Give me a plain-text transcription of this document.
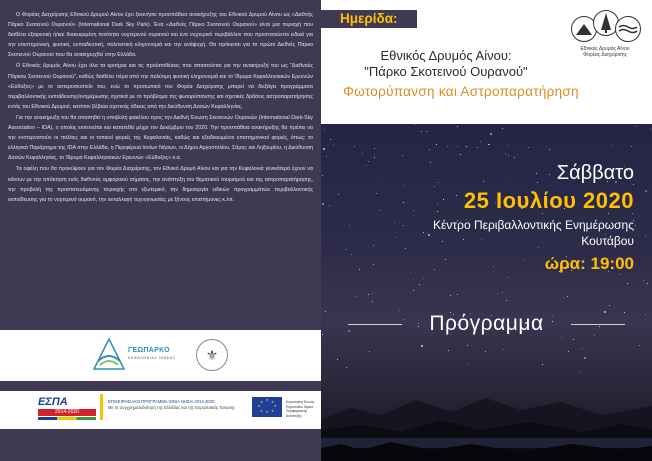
Ο Φορέας Διαχείρισης Εθνικού Δρυμού Αίνου έχει ξεκινήσει προσπάθεια ανακήρυξης του Εθνικού Δρυμού Αίνου ως «Διεθνής Πάρκο Σκοτεινού Ουρανού» (International Dark Sky Park). Ένα «Διεθνές Πάρκο Σκοτεινού Ουρανού» είναι μια περιοχή που διαθέτει εξαιρετική ή/και διακεκριμένη ποιότητα νυχτερινού ουρανού και ένα νυχτερινό περιβάλλον που προστατεύεται ειδικά για την επιστημονική, φυσική, εκπαιδευτική, πολιτιστική κληρονομιά και την ανάψυχή. Θα πρόκειται για το πρώτο Διεθνές Πάρκο Σκοτεινού Ουρανού που θα ανακηρυχθεί στην Ελλάδα.

Ο Εθνικός Δρυμός Αίνου έχει όλα τα κριτήρια και τις προϋποθέσεις που απαιτούνται για την ανακήρυξή του ως "Διεθνούς Πάρκου Σκοτεινού Ουρανού", καθώς διαθέτει πέρα από την πολύτιμη φυσική κληρονομιά και το Ίδρυμα Κεφαλληνιακών Ερευνών «Εύδοξος» με το αστεροσκοπείο του, ενώ το προσωπικό του Φορέα Διαχείρισης μπορεί να διεξάγει προγράμματα περιβαλλοντικής εκπαίδευσης/ενημέρωσης σχετικά με το πρόβλημα της φωτορύπανσης και σχετικές δράσεις αστροπαρατήρησης εντός του Εθνικού Δρυμού, κατόπιν βέβαια σχετικής άδειας από την Διεύθυνση Δασών Κεφαλληνίας.

Για την ανακήρυξη του θα απαιτηθεί η υποβολή φακέλου προς την Διεθνή Ένωση Σκοτεινών Ουρανών (International Dark-Sky Association – IDA), ο οποίος εκπονείται και κατατεθεί μέχρι τον Δεκέμβριο του 2020. Την προσπάθεια ανακήρυξης θα πρέπει να την ενστερνιστούν οι πολίτες και οι τοπικοί φορείς της Κεφαλονιάς, καθώς και εξειδικευμένοι επιστημονικοί φορείς, όπως: το ελληνικό Παράρτημα της IDA στην Ελλάδα, η Περιφέρεια Ιονίων Νήσων, οι Δήμοι Αργοστολίου, Σάμης και Ληξουρίου, η Διεύθυνση Δασών Κεφαλληνίας, το Ίδρυμα Κεφαλληνιακών Ερευνών «Εύδοξος» κ.α.

Τα οφέλη που θα προκύψουν για τον Φορέα Διαχείρισης, τον Εθνικό Δρυμό Αίνου και για την Κεφαλονιά γενικότερα έχουν να κάνουν με την απόκτηση ενός διεθνούς αμφορικού σήματος, την ανάπτυξη του θεματικού τουρισμού και της αστροπαρατήρησης, την προβολή της προστατευόμενης περιοχής στο εξωτερικό, την δημιουργία ειδικών προγραμμάτων περιβαλλοντικής εκπαίδευσης για το νυχτερινό ουρανό, την ανταλλαγή τεχνογνωσίας με ξένους επιστήμονες κ.λπ.

ΓΕΩΠΑΡΚΟ
ΚΕΦΑΛΟΝΙΑΣ ΙΘΑΚΗΣ	⚜
ΕΣΠΑ
2014-2020
ΕΠΙΧΕΙΡΗΣΙΑΚΟ ΠΡΟΓΡΑΜΜΑ ΙΟΝΙΑ ΝΗΣΙΑ 2014-2020
Με τη συγχρηματοδότηση της Ελλάδας και της Ευρωπαϊκής Ένωσης
★ ★
★
★
★
★
★
★	Ευρωπαϊκή Ένωση Ευρωπαϊκό Ταμείο Περιφερειακής Ανάπτυξης
Ημερίδα:
Εθνικός Δρυμός Αίνου:
"Πάρκο Σκοτεινού Ουρανού"
Φωτορύπανση και Αστροπαρατήρηση
Εθνικός Δρυμός Αίνου
Φορέας Διαχείρισης
Σάββατο
25 Ιουλίου 2020
Κέντρο Περιβαλλοντικής Ενημέρωσης
Κουτάβου
ώρα: 19:00
Πρόγραμμα
